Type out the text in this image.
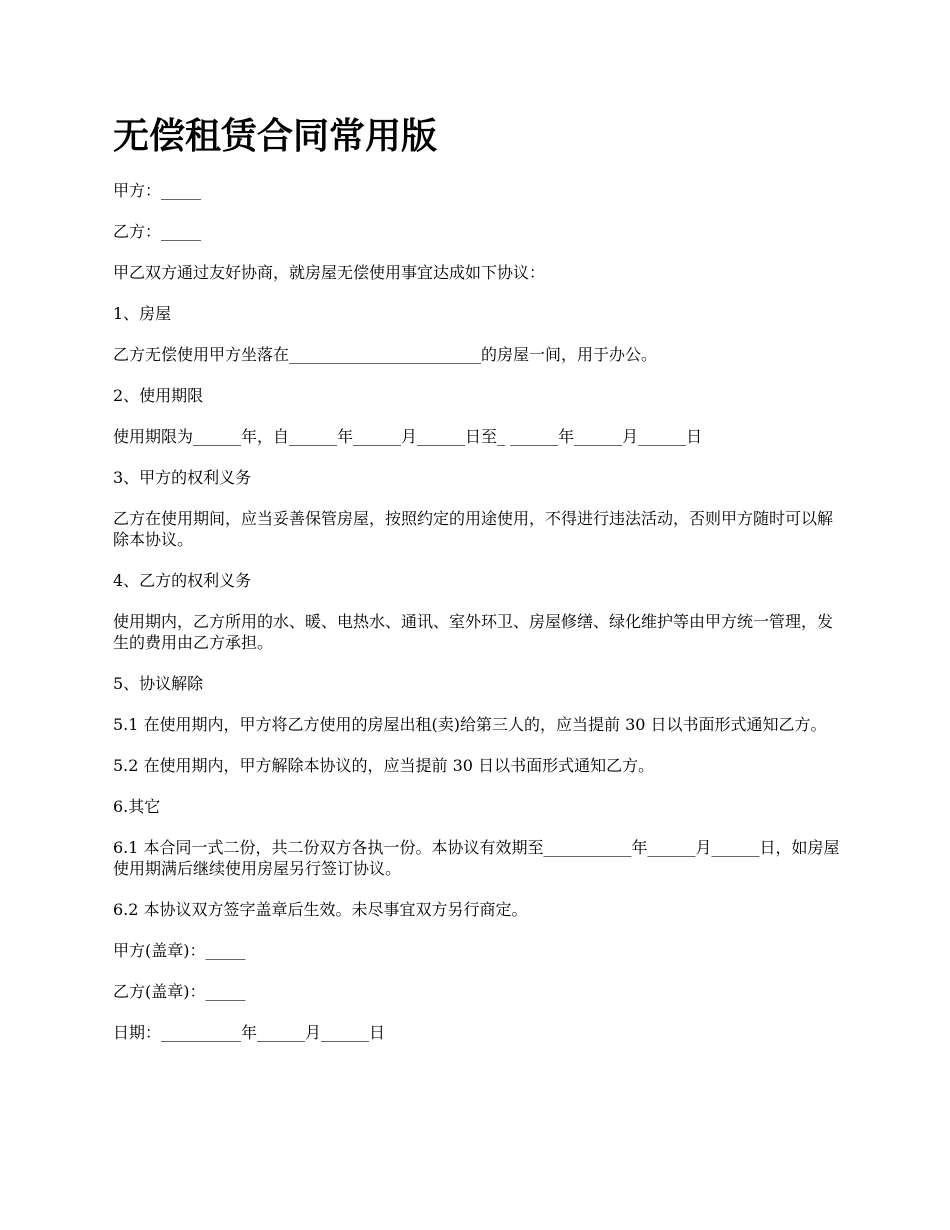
无偿租赁合同常用版

甲方：_____

乙方：_____

甲乙双方通过友好协商，就房屋无偿使用事宜达成如下协议：

1、房屋

乙方无偿使用甲方坐落在________________________的房屋一间，用于办公。

2、使用期限

使用期限为______年，自______年______月______日至_ ______年______月______日

3、甲方的权利义务

乙方在使用期间，应当妥善保管房屋，按照约定的用途使用，不得进行违法活动，否则甲方随时可以解除本协议。

4、乙方的权利义务

使用期内，乙方所用的水、暖、电热水、通讯、室外环卫、房屋修缮、绿化维护等由甲方统一管理，发生的费用由乙方承担。

5、协议解除

5.1 在使用期内，甲方将乙方使用的房屋出租(卖)给第三人的，应当提前 30 日以书面形式通知乙方。

5.2 在使用期内，甲方解除本协议的，应当提前 30 日以书面形式通知乙方。

6.其它

6.1 本合同一式二份，共二份双方各执一份。本协议有效期至___________年______月______日，如房屋使用期满后继续使用房屋另行签订协议。

6.2 本协议双方签字盖章后生效。未尽事宜双方另行商定。

甲方(盖章)：_____

乙方(盖章)：_____

日期：__________年______月______日
